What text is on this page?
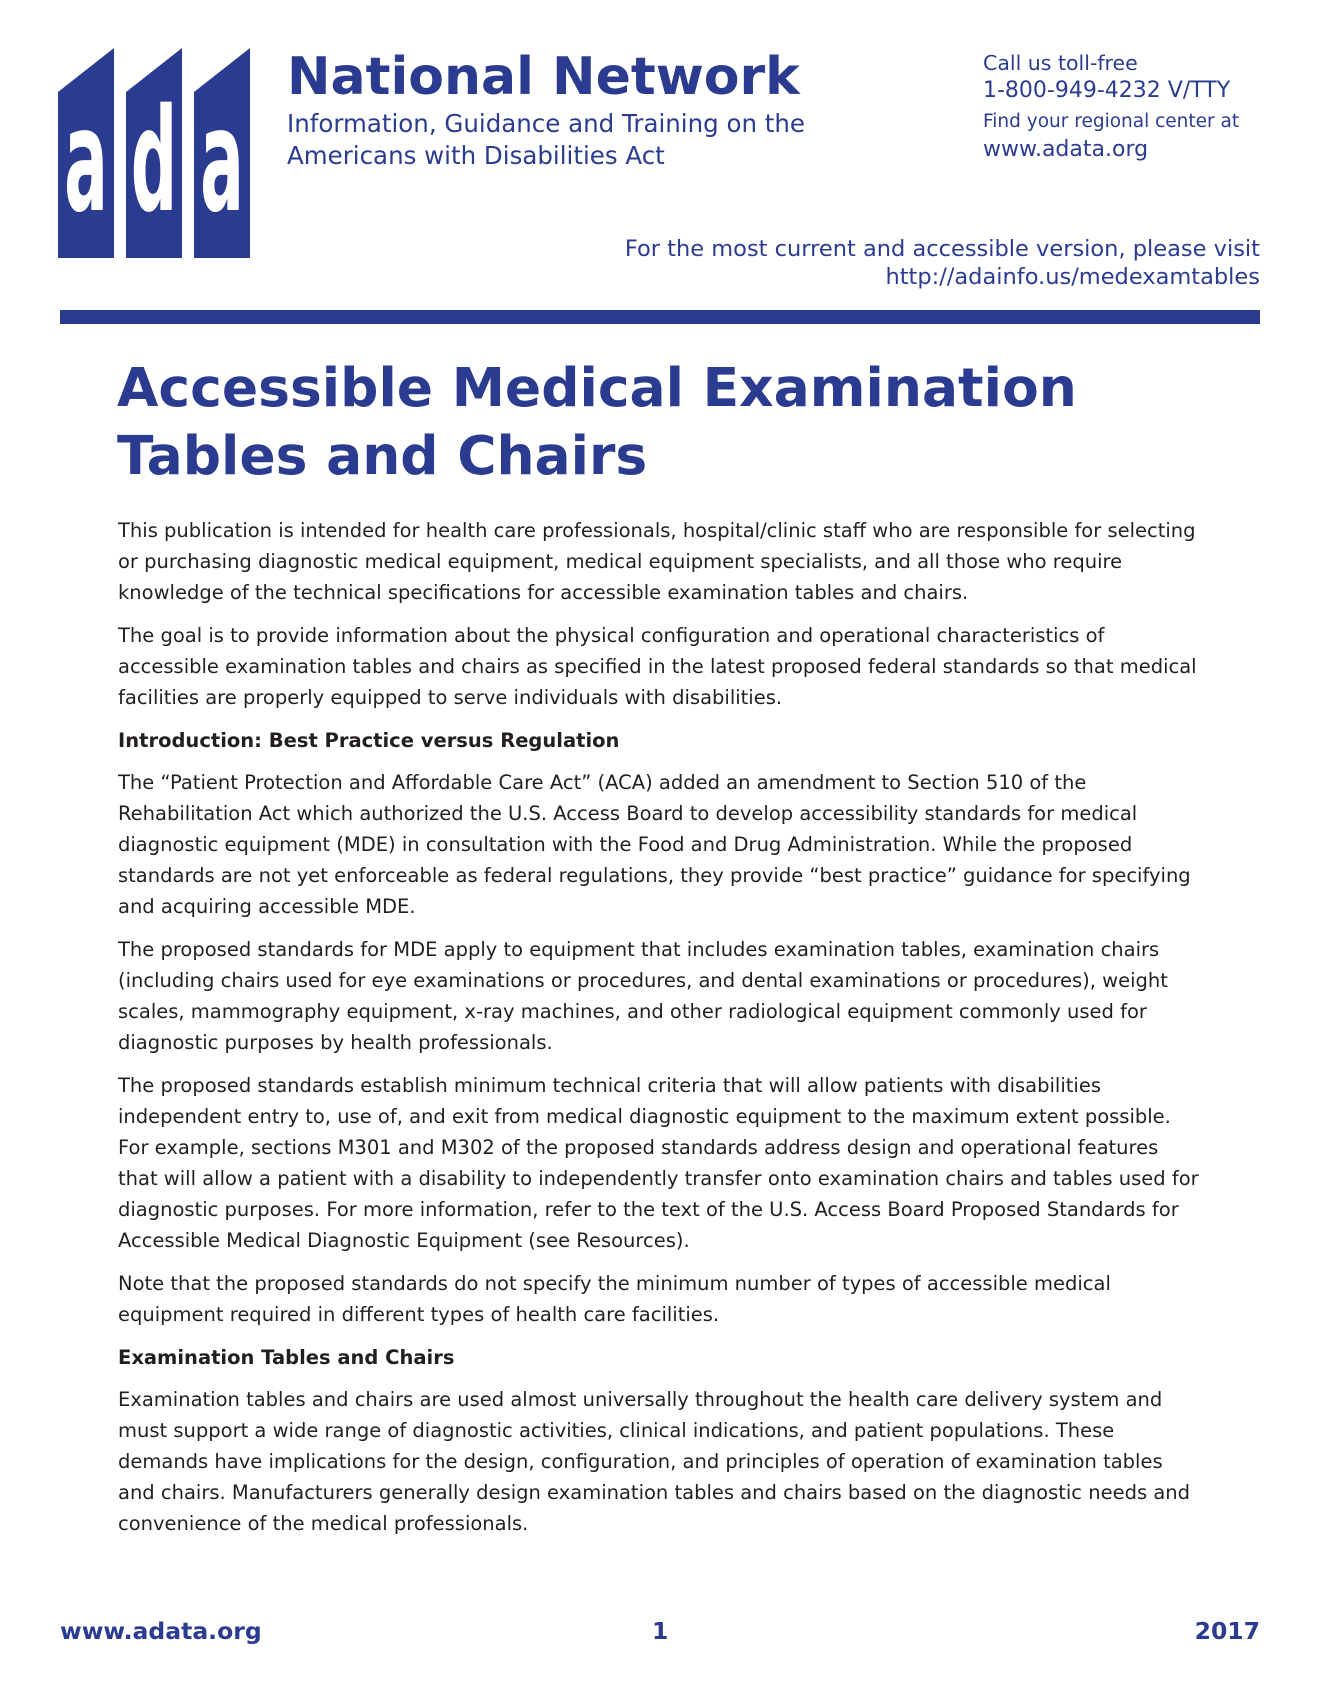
a d a
National Network
Information, Guidance and Training on the
Americans with Disabilities Act
Call us toll-free
1-800-949-4232 V/TTY
Find your regional center at
www.adata.org
For the most current and accessible version, please visit
http://adainfo.us/medexamtables
Accessible Medical Examination
Tables and Chairs

This publication is intended for health care professionals, hospital/clinic staff who are responsible for selecting or purchasing diagnostic medical equipment, medical equipment specialists, and all those who require knowledge of the technical specifications for accessible examination tables and chairs.

The goal is to provide information about the physical configuration and operational characteristics of accessible examination tables and chairs as specified in the latest proposed federal standards so that medical facilities are properly equipped to serve individuals with disabilities.

Introduction: Best Practice versus Regulation

The “Patient Protection and Affordable Care Act” (ACA) added an amendment to Section 510 of the Rehabilitation Act which authorized the U.S. Access Board to develop accessibility standards for medical diagnostic equipment (MDE) in consultation with the Food and Drug Administration. While the proposed standards are not yet enforceable as federal regulations, they provide “best practice” guidance for specifying and acquiring accessible MDE.

The proposed standards for MDE apply to equipment that includes examination tables, examination chairs (including chairs used for eye examinations or procedures, and dental examinations or procedures), weight scales, mammography equipment, x-ray machines, and other radiological equipment commonly used for diagnostic purposes by health professionals.

The proposed standards establish minimum technical criteria that will allow patients with disabilities independent entry to, use of, and exit from medical diagnostic equipment to the maximum extent possible. For example, sections M301 and M302 of the proposed standards address design and operational features that will allow a patient with a disability to independently transfer onto examination chairs and tables used for diagnostic purposes. For more information, refer to the text of the U.S. Access Board Proposed Standards for Accessible Medical Diagnostic Equipment (see Resources).

Note that the proposed standards do not specify the minimum number of types of accessible medical equipment required in different types of health care facilities.

Examination Tables and Chairs

Examination tables and chairs are used almost universally throughout the health care delivery system and must support a wide range of diagnostic activities, clinical indications, and patient populations. These demands have implications for the design, configuration, and principles of operation of examination tables and chairs. Manufacturers generally design examination tables and chairs based on the diagnostic needs and convenience of the medical professionals.

www.adata.org	1	2017
